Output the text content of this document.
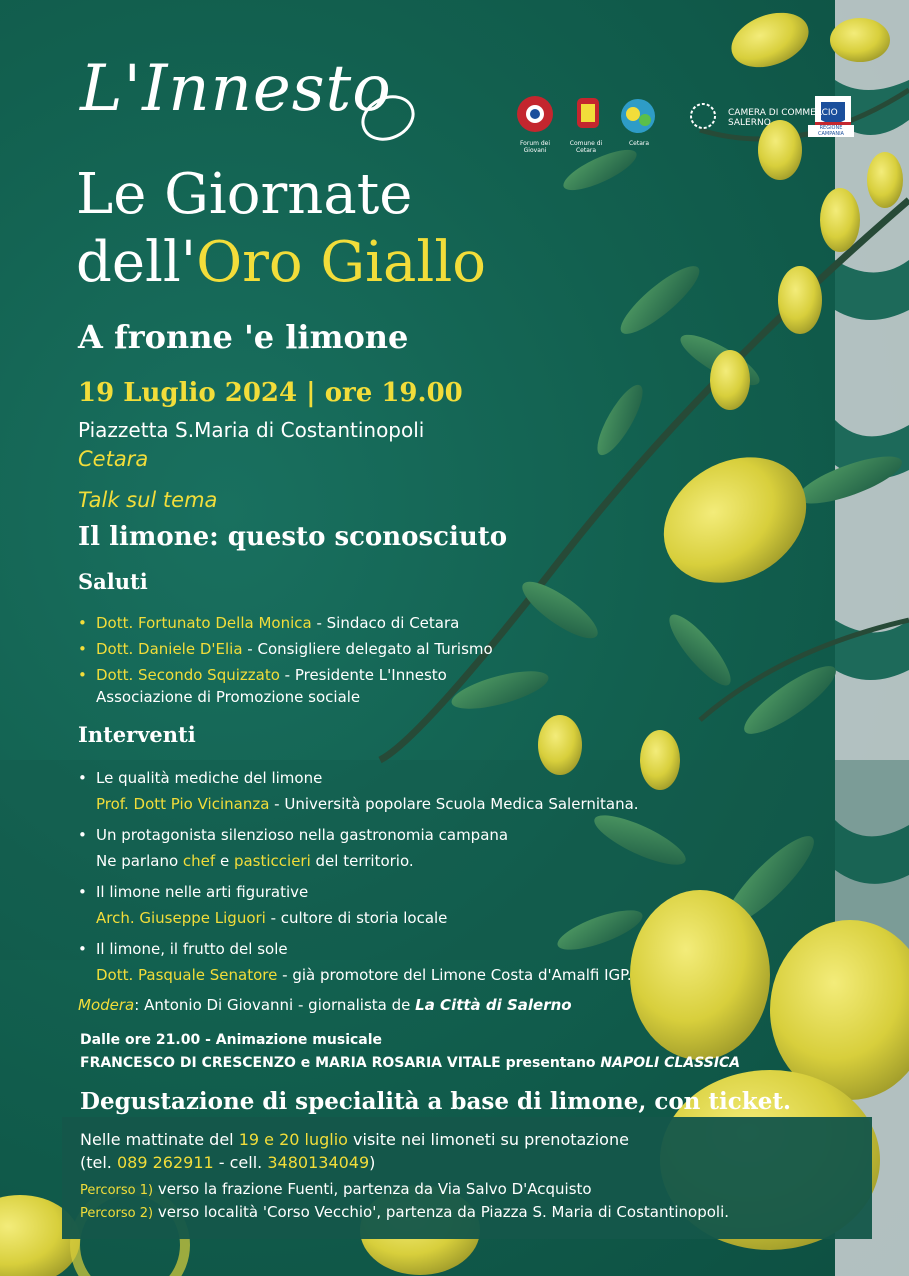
Forum dei Giovani
Comune di Cetara
Cetara
CAMERA DI COMMERCIO
SALERNO	REGIONE CAMPANIA
L'Innesto
Le Giornate
dell'Oro Giallo
A fronne 'e limone
19 Luglio 2024 | ore 19.00
Piazzetta S.Maria di Costantinopoli
Cetara
Talk sul tema
Il limone: questo sconosciuto
Saluti
• Dott. Fortunato Della Monica - Sindaco di Cetara
• Dott. Daniele D'Elia - Consigliere delegato al Turismo
• Dott. Secondo Squizzato - Presidente L'Innesto
Associazione di Promozione sociale
Interventi
• Le qualità mediche del limone
Prof. Dott Pio Vicinanza - Università popolare Scuola Medica Salernitana.
• Un protagonista silenzioso nella gastronomia campana
Ne parlano chef e pasticcieri del territorio.
• Il limone nelle arti figurative
Arch. Giuseppe Liguori - cultore di storia locale
• Il limone, il frutto del sole
Dott. Pasquale Senatore - già promotore del Limone Costa d'Amalfi IGP.
Modera: Antonio Di Giovanni - giornalista de La Città di Salerno
Dalle ore 21.00 - Animazione musicale
FRANCESCO DI CRESCENZO e MARIA ROSARIA VITALE presentano NAPOLI CLASSICA
Degustazione di specialità a base di limone, con ticket.
Nelle mattinate del 19 e 20 luglio visite nei limoneti su prenotazione
(tel. 089 262911 - cell. 3480134049)
Percorso 1) verso la frazione Fuenti, partenza da Via Salvo D'Acquisto
Percorso 2) verso località 'Corso Vecchio', partenza da Piazza S. Maria di Costantinopoli.
